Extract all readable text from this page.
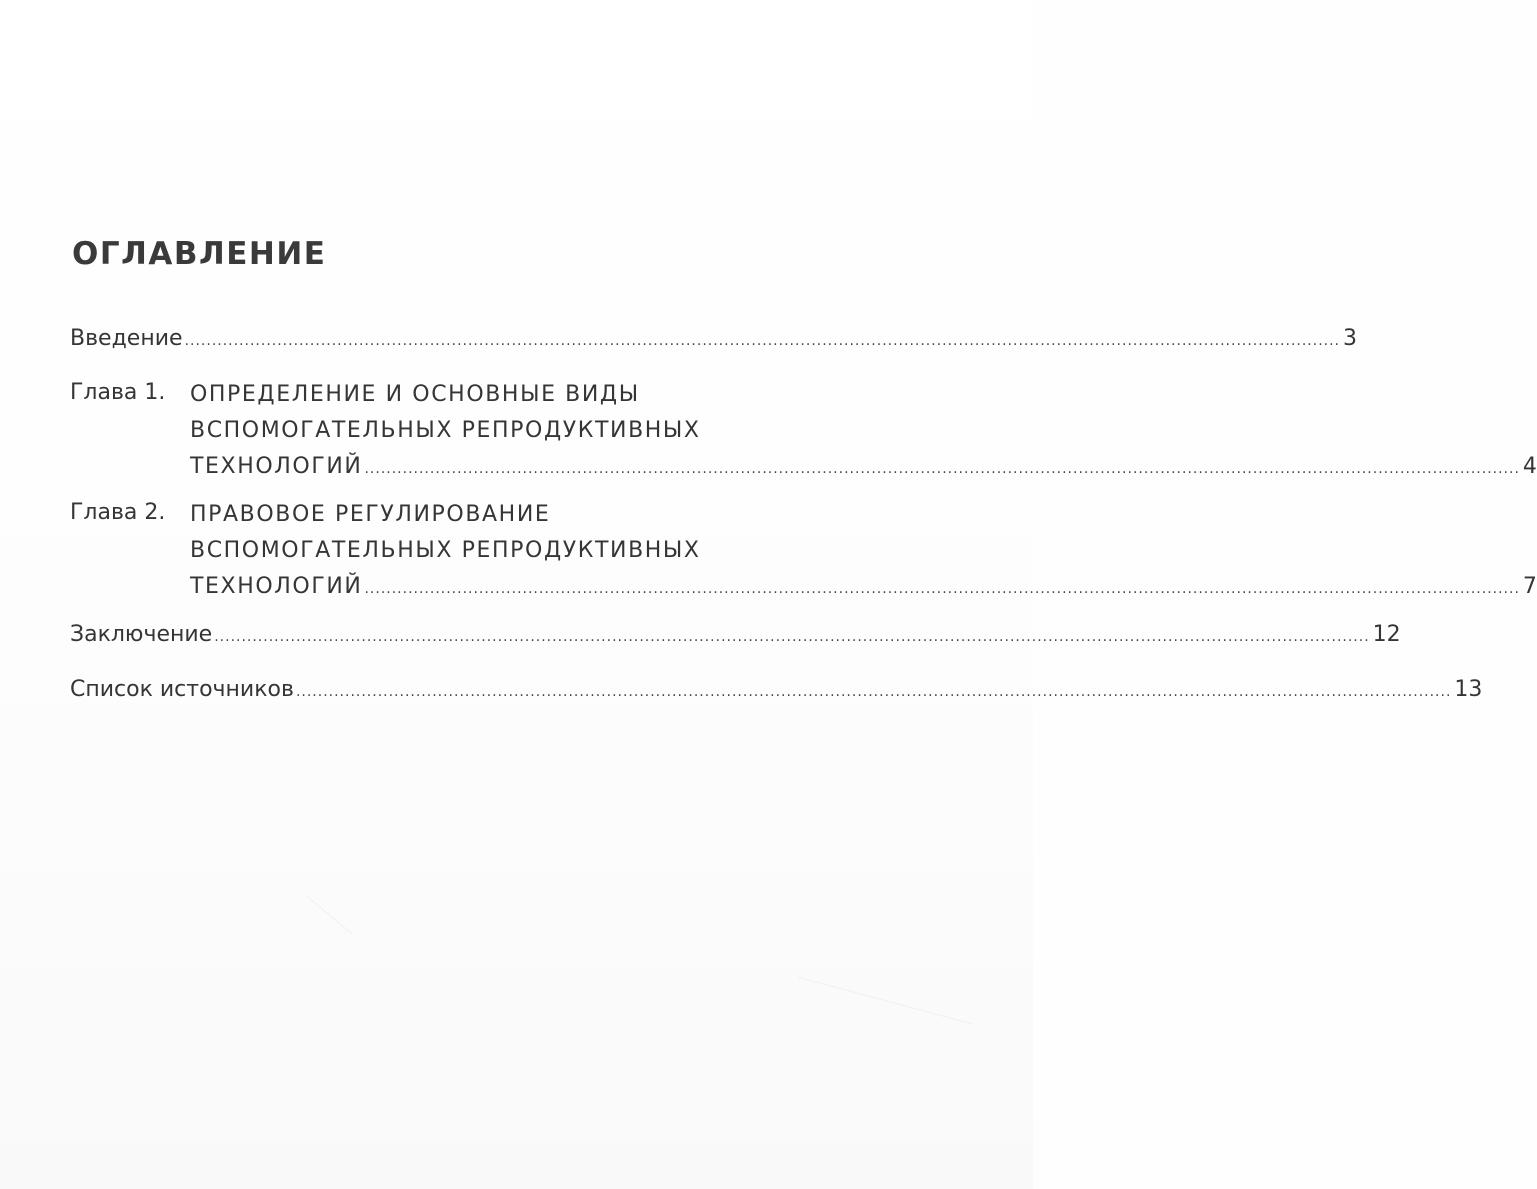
ОГЛАВЛЕНИЕ
Введение .................................................................................................................................................................................................................... 3
Глава 1. ОПРЕДЕЛЕНИЕ И ОСНОВНЫЕ ВИДЫ
ВСПОМОГАТЕЛЬНЫХ РЕПРОДУКТИВНЫХ
ТЕХНОЛОГИЙ .................................................................................................................................................................................................................... 4
Глава 2. ПРАВОВОЕ РЕГУЛИРОВАНИЕ
ВСПОМОГАТЕЛЬНЫХ РЕПРОДУКТИВНЫХ
ТЕХНОЛОГИЙ .................................................................................................................................................................................................................... 7
Заключение .................................................................................................................................................................................................................... 12
Список источников .................................................................................................................................................................................................................... 13
